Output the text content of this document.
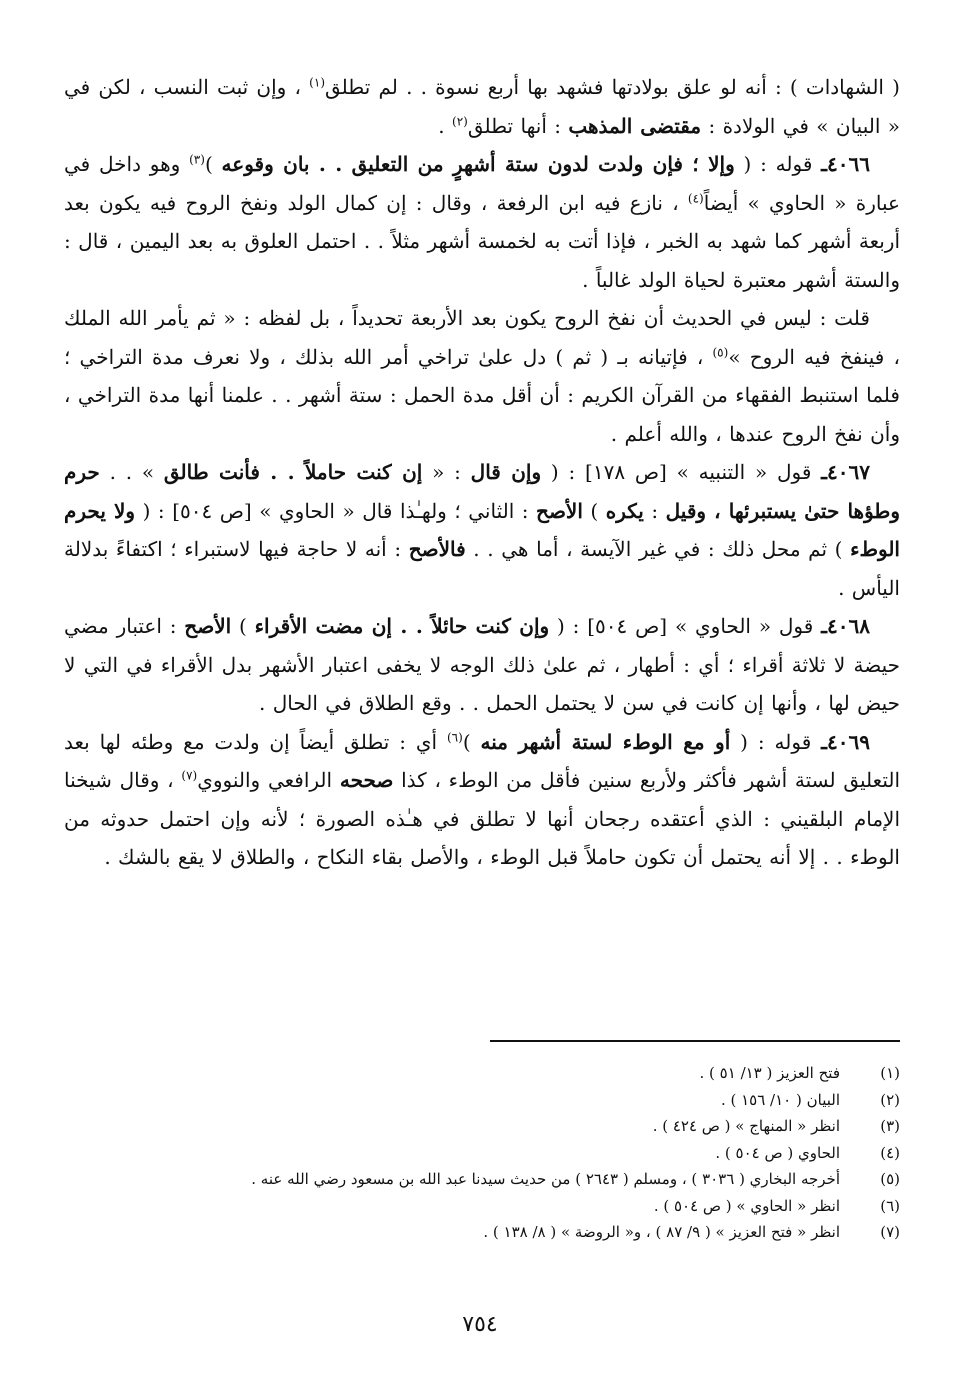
( الشهادات ) : أنه لو علق بولادتها فشهد بها أربع نسوة . . لم تطلق$^{(١)}$ ، وإن ثبت النسب ، لكن في « البيان » في الولادة : مقتضى المذهب : أنها تطلق$^{(٢)}$ .

٤٠٦٦ـ قوله : ( وإلا ؛ فإن ولدت لدون ستة أشهرٍ من التعليق . . بان وقوعه )$^{(٣)}$ وهو داخل في عبارة « الحاوي » أيضاً$^{(٤)}$ ، نازع فيه ابن الرفعة ، وقال : إن كمال الولد ونفخ الروح فيه يكون بعد أربعة أشهر كما شهد به الخبر ، فإذا أتت به لخمسة أشهر مثلاً . . احتمل العلوق به بعد اليمين ، قال : والستة أشهر معتبرة لحياة الولد غالباً .

قلت : ليس في الحديث أن نفخ الروح يكون بعد الأربعة تحديداً ، بل لفظه : « ثم يأمر الله الملك ، فينفخ فيه الروح »$^{(٥)}$ ، فإتيانه بـ ( ثم ) دل علىٰ تراخي أمر الله بذلك ، ولا نعرف مدة التراخي ؛ فلما استنبط الفقهاء من القرآن الكريم : أن أقل مدة الحمل : ستة أشهر . . علمنا أنها مدة التراخي ، وأن نفخ الروح عندها ، والله أعلم .

٤٠٦٧ـ قول « التنبيه » [ص ١٧٨] : ( وإن قال : « إن كنت حاملاً . . فأنت طالق » . . حرم وطؤها حتىٰ يستبرئها ، وقيل : يكره ) الأصح : الثاني ؛ ولهـٰذا قال « الحاوي » [ص ٥٠٤] : ( ولا يحرم الوطء ) ثم محل ذلك : في غير الآيسة ، أما هي . . فالأصح : أنه لا حاجة فيها لاستبراء ؛ اكتفاءً بدلالة اليأس .

٤٠٦٨ـ قول « الحاوي » [ص ٥٠٤] : ( وإن كنت حائلاً . . إن مضت الأقراء ) الأصح : اعتبار مضي حيضة لا ثلاثة أقراء ؛ أي : أطهار ، ثم علىٰ ذلك الوجه لا يخفى اعتبار الأشهر بدل الأقراء في التي لا حيض لها ، وأنها إن كانت في سن لا يحتمل الحمل . . وقع الطلاق في الحال .

٤٠٦٩ـ قوله : ( أو مع الوطء لستة أشهر منه )$^{(٦)}$ أي : تطلق أيضاً إن ولدت مع وطئه لها بعد التعليق لستة أشهر فأكثر ولأربع سنين فأقل من الوطء ، كذا صححه الرافعي والنووي$^{(٧)}$ ، وقال شيخنا الإمام البلقيني : الذي أعتقده رجحان أنها لا تطلق في هـٰذه الصورة ؛ لأنه وإن احتمل حدوثه من الوطء . . إلا أنه يحتمل أن تكون حاملاً قبل الوطء ، والأصل بقاء النكاح ، والطلاق لا يقع بالشك .

(١)
فتح العزيز ( ١٣/ ٥١ ) .
(٢)
البيان ( ١٠/ ١٥٦ ) .
(٣)
انظر « المنهاج » ( ص ٤٢٤ ) .
(٤)
الحاوي ( ص ٥٠٤ ) .
(٥)
أخرجه البخاري ( ٣٠٣٦ ) ، ومسلم ( ٢٦٤٣ ) من حديث سيدنا عبد الله بن مسعود رضي الله عنه .
(٦)
انظر « الحاوي » ( ص ٥٠٤ ) .
(٧)
انظر « فتح العزيز » ( ٩/ ٨٧ ) ، و« الروضة » ( ٨/ ١٣٨ ) .
٧٥٤
